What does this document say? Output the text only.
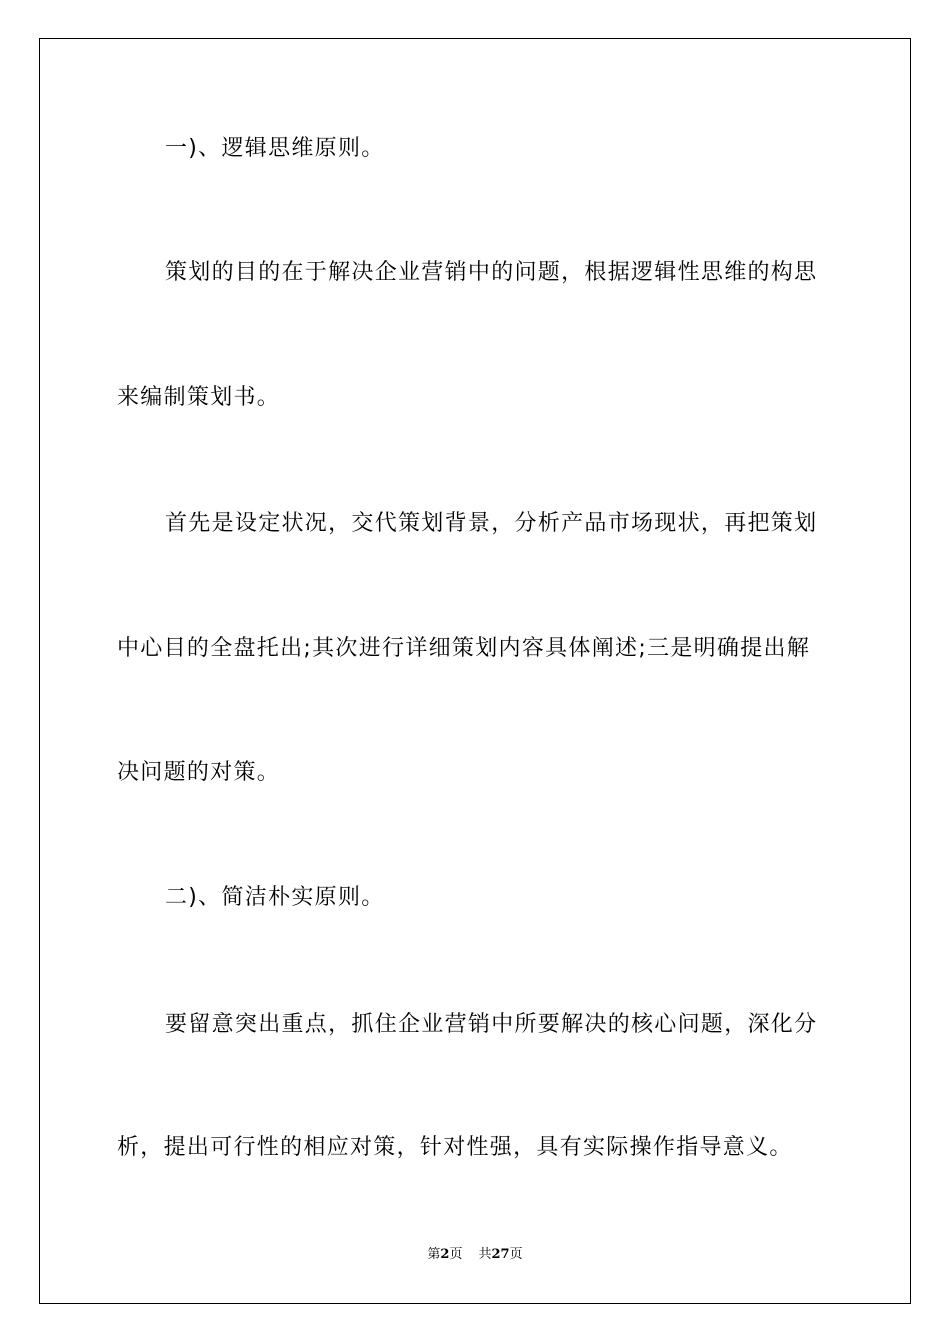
一)、逻辑思维原则。
策划的目的在于解决企业营销中的问题，根据逻辑性思维的构思
来编制策划书。
首先是设定状况，交代策划背景，分析产品市场现状，再把策划
中心目的全盘托出;其次进行详细策划内容具体阐述;三是明确提出解
决问题的对策。
二)、简洁朴实原则。
要留意突出重点，抓住企业营销中所要解决的核心问题，深化分
析，提出可行性的相应对策，针对性强，具有实际操作指导意义。
第2页 共27页
